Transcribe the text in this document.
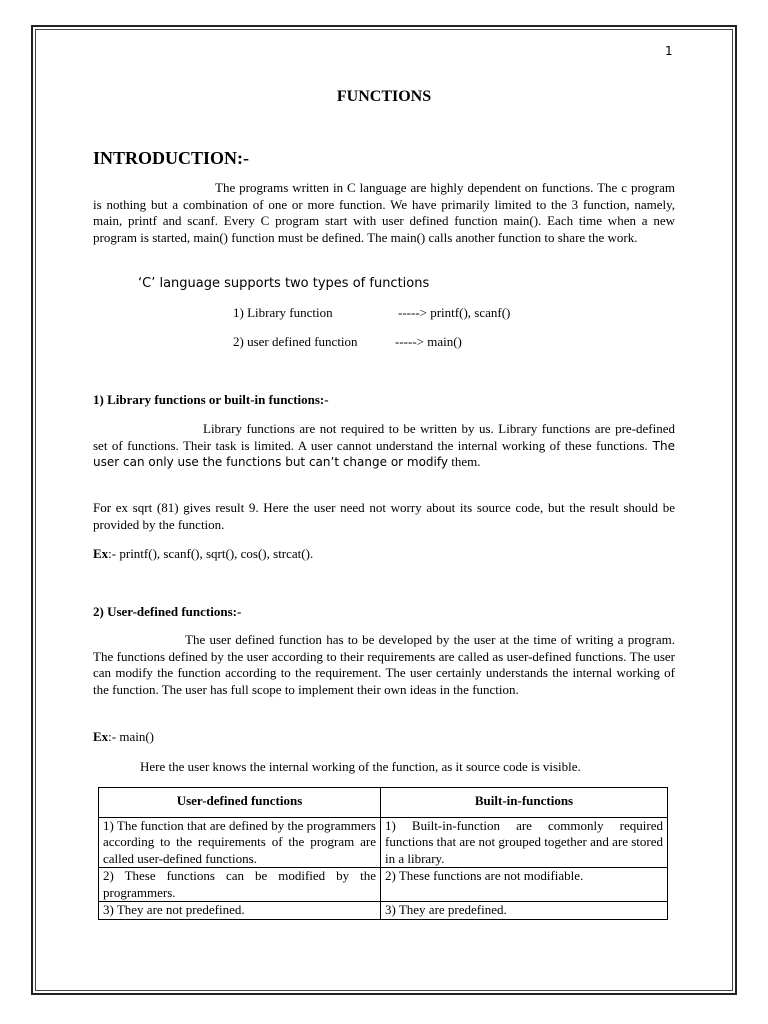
1
FUNCTIONS
INTRODUCTION:-

The programs written in C language are highly dependent on functions. The c program is nothing but a combination of one or more function. We have primarily limited to the 3 function, namely, main, printf and scanf. Every C program start with user defined function main(). Each time when a new program is started, main() function must be defined. The main() calls another function to share the work.

‘C’ language supports two types of functions
1) Library function	-----> printf(), scanf()
2) user defined function	-----> main()
1) Library functions or built-in functions:-

Library functions are not required to be written by us. Library functions are pre-defined set of functions. Their task is limited. A user cannot understand the internal working of these functions. The user can only use the functions but can’t change or modify them.

For ex sqrt (81) gives result 9. Here the user need not worry about its source code, but the result should be provided by the function.

Ex:- printf(), scanf(), sqrt(), cos(), strcat().
2) User-defined functions:-

The user defined function has to be developed by the user at the time of writing a program. The functions defined by the user according to their requirements are called as user-defined functions. The user can modify the function according to the requirement. The user certainly understands the internal working of the function. The user has full scope to implement their own ideas in the function.

Ex:- main()
Here the user knows the internal working of the function, as it source code is visible.
User-defined functions	Built-in-functions
1) The function that are defined by the programmers according to the requirements of the program are called user-defined functions.	1) Built-in-function are commonly required functions that are not grouped together and are stored in a library.
2) These functions can be modified by the programmers.	2) These functions are not modifiable.
3) They are not predefined.	3) They are predefined.
